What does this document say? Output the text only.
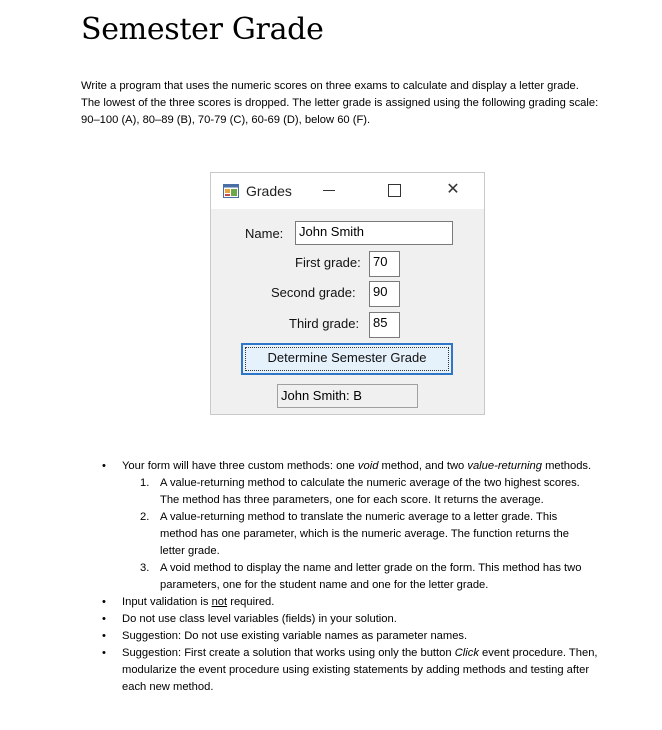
Semester Grade

Write a program that uses the numeric scores on three exams to calculate and display a letter grade.

The lowest of the three scores is dropped. The letter grade is assigned using the following grading scale:

90–100 (A), 80–89 (B), 70-79 (C), 60-69 (D), below 60 (F).

Grades	✕
Name:	John Smith
First grade: 70
Second grade:	90
Third grade:	85
Determine Semester Grade
John Smith: B
• Your form will have three custom methods: one void method, and two value-returning methods.
1. A value-returning method to calculate the numeric average of the two highest scores.
The method has three parameters, one for each score. It returns the average.
2. A value-returning method to translate the numeric average to a letter grade. This
method has one parameter, which is the numeric average. The function returns the
letter grade.
3. A void method to display the name and letter grade on the form. This method has two
parameters, one for the student name and one for the letter grade.
• Input validation is not required.
• Do not use class level variables (fields) in your solution.
• Suggestion: Do not use existing variable names as parameter names.
• Suggestion: First create a solution that works using only the button Click event procedure. Then,
modularize the event procedure using existing statements by adding methods and testing after
each new method.
